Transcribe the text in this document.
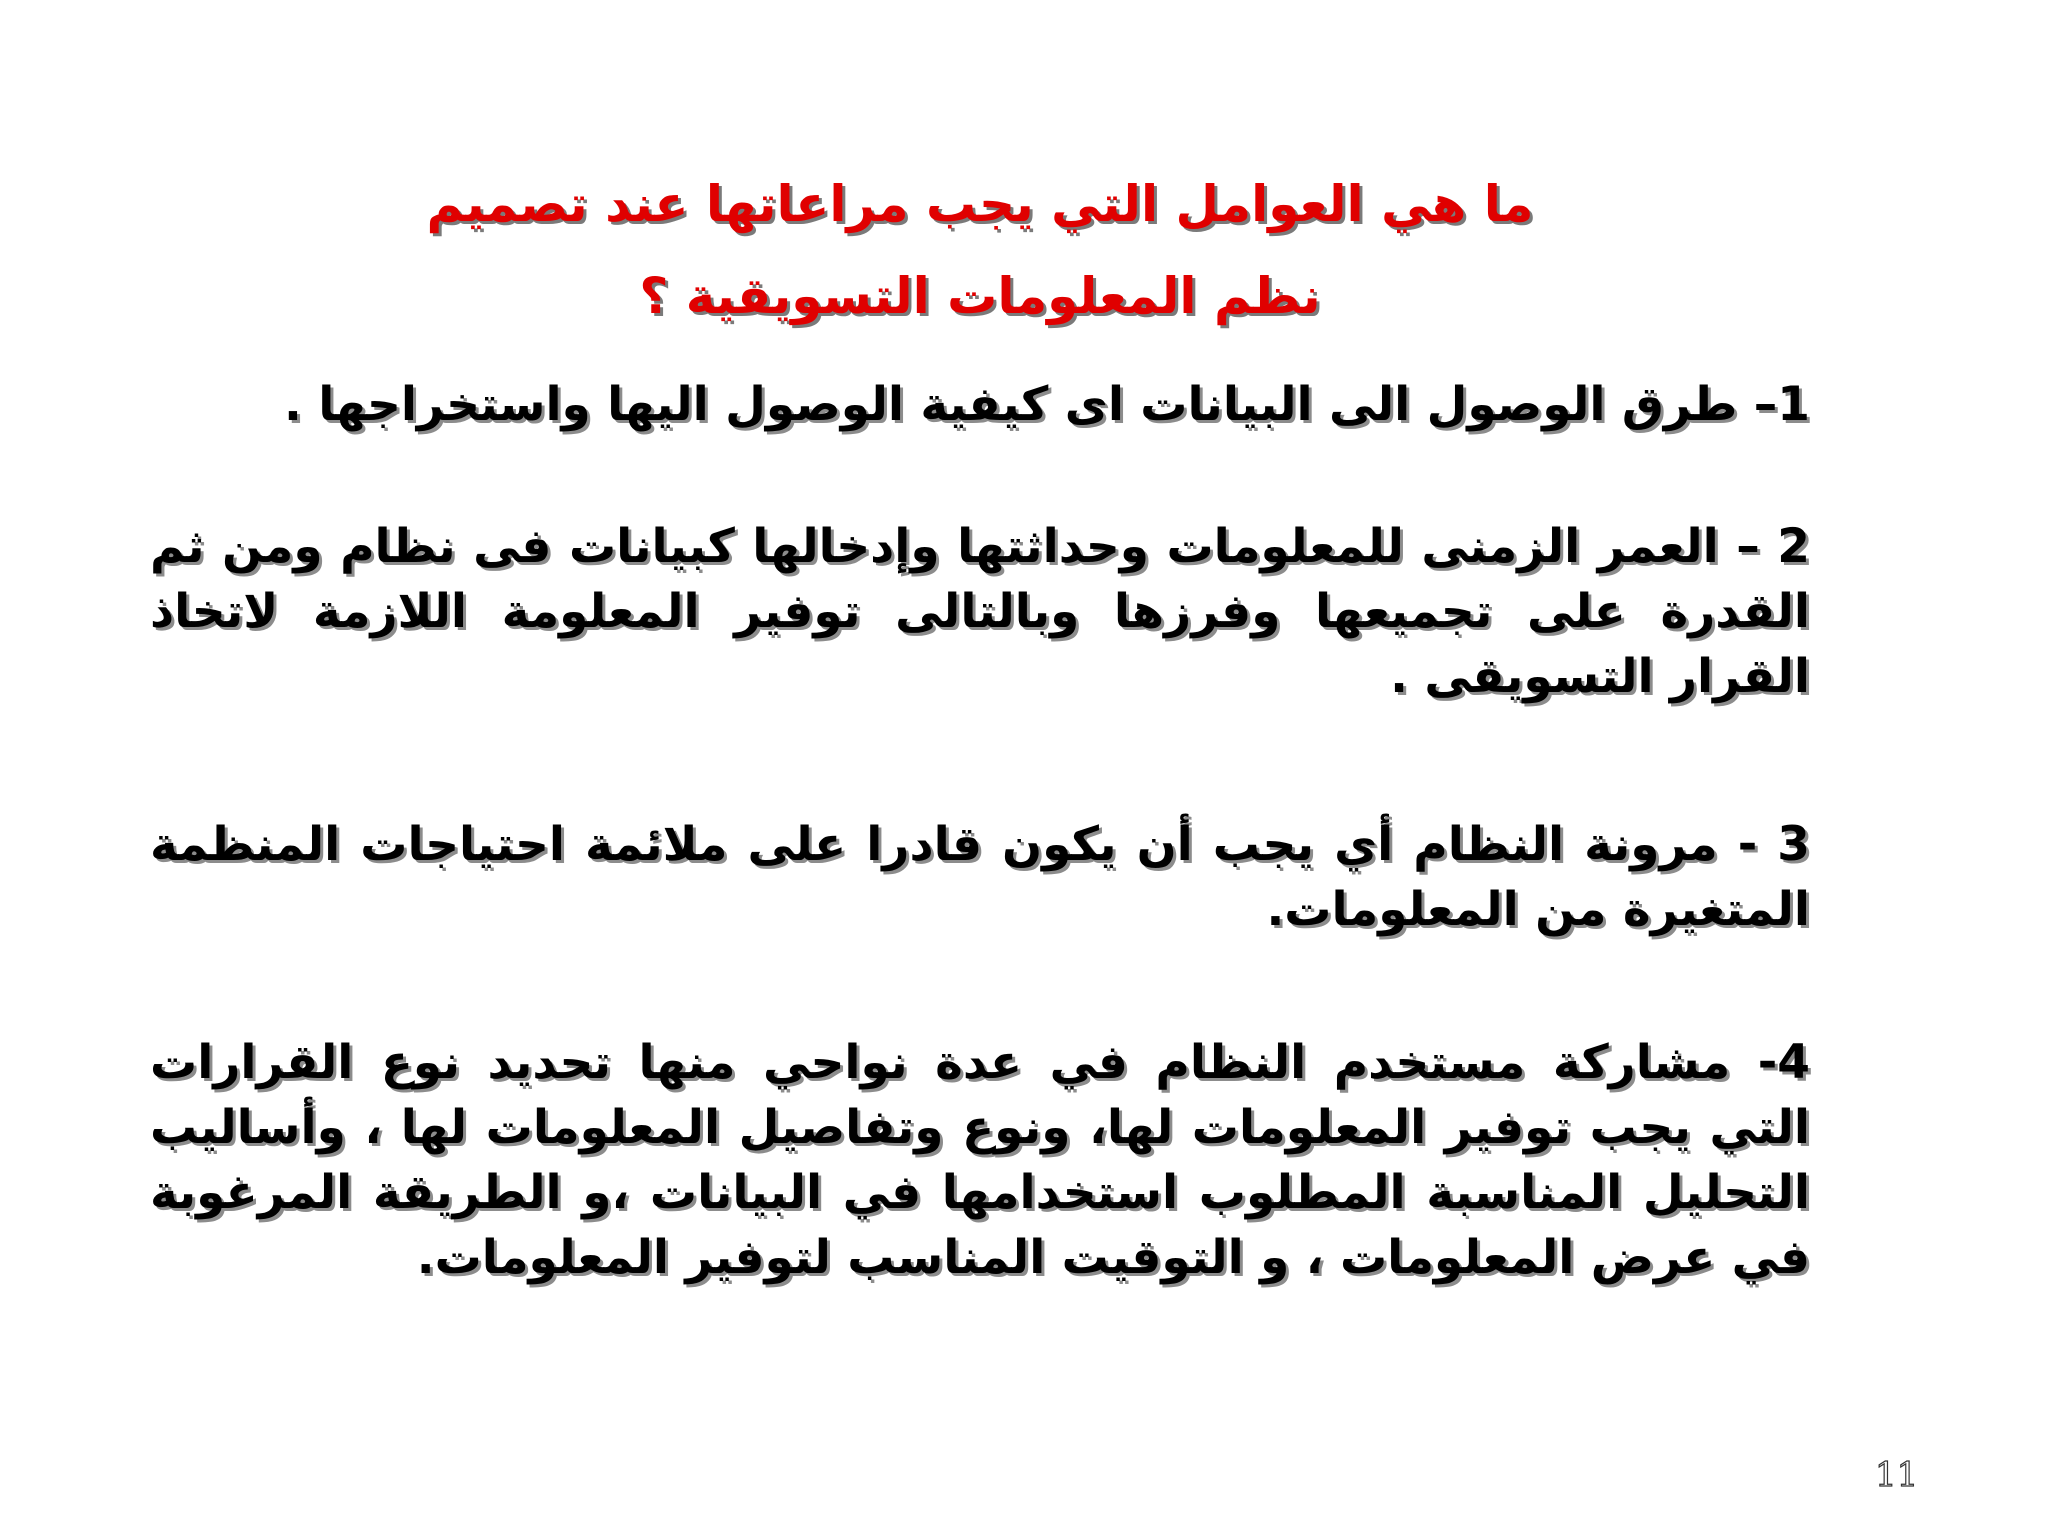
ما هي العوامل التي يجب مراعاتها عند تصميم
نظم المعلومات التسويقية ؟

1– طرق الوصول الى البيانات اى كيفية الوصول اليها واستخراجها .

2 – العمر الزمنى للمعلومات وحداثتها وإدخالها كبيانات فى نظام ومن ثم القدرة على تجميعها وفرزها وبالتالى توفير المعلومة اللازمة لاتخاذ القرار التسويقى .

3 - مرونة النظام أي يجب أن يكون قادرا على ملائمة احتياجات المنظمة المتغيرة من المعلومات.

4- مشاركة مستخدم النظام في عدة نواحي منها تحديد نوع القرارات التي يجب توفير المعلومات لها، ونوع وتفاصيل المعلومات لها ، وأساليب التحليل المناسبة المطلوب استخدامها في البيانات ،و الطريقة المرغوبة في عرض المعلومات ، و التوقيت المناسب لتوفير المعلومات.

11
